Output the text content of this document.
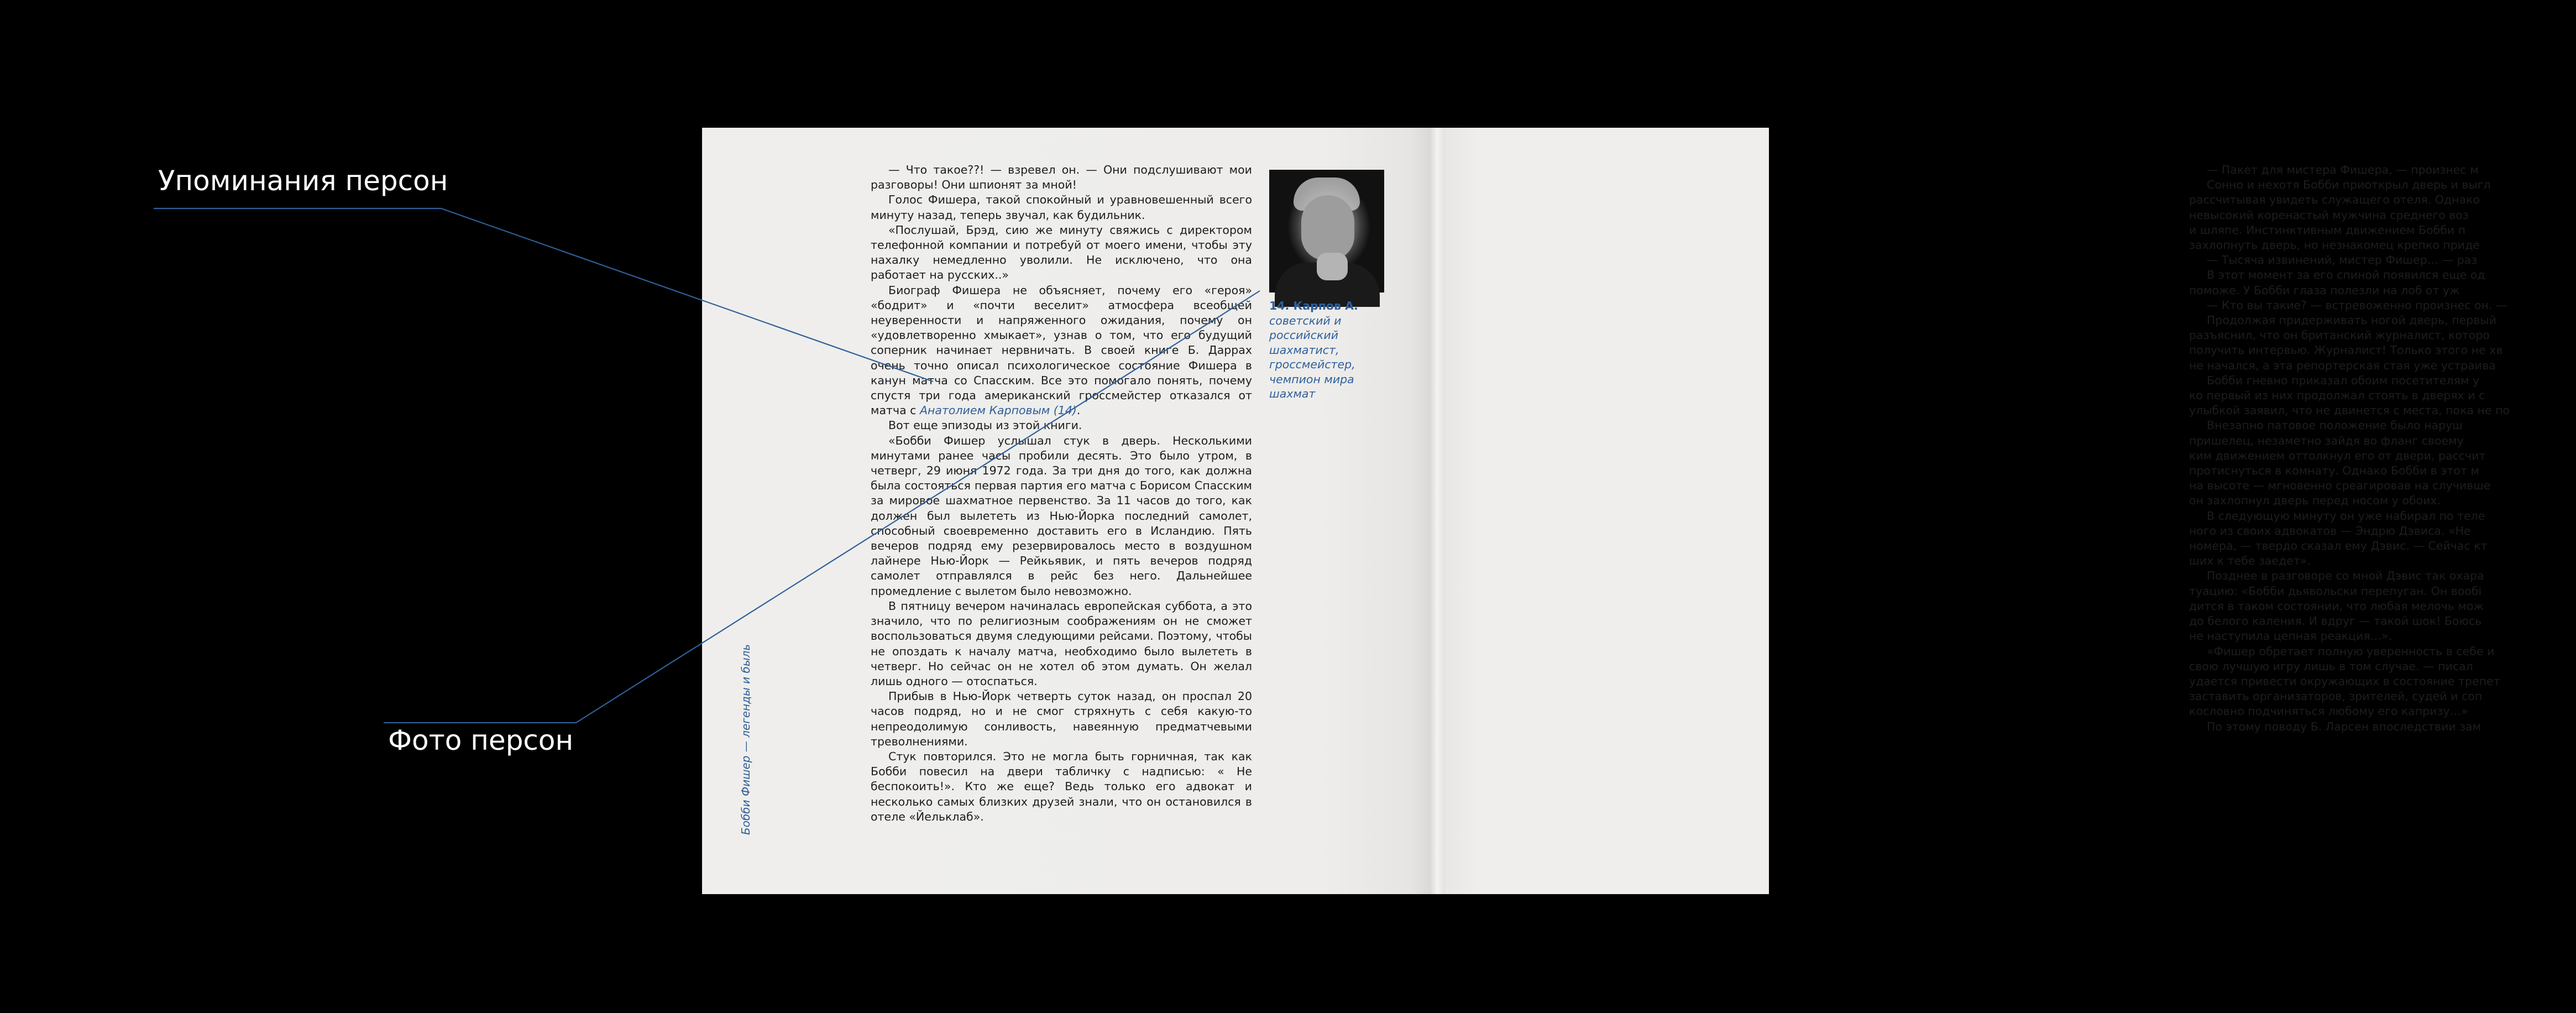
Упоминания персон
Фото персон

— Пакет для мистера Фишера, — произнес м

Сонно и нехотя Бобби приоткрыл дверь и выгл

рассчитывая увидеть служащего отеля. Однако
невысокий коренастый мужчина среднего воз
и шляпе. Инстинктивным движением Бобби п
захлопнуть дверь, но незнакомец крепко приде

— Тысяча извинений, мистер Фишер… — раз

В этот момент за его спиной появился еще од

поможе. У Бобби глаза полезли на лоб от уж

— Кто вы такие? — встревоженно произнес он. —

Продолжая придерживать ногой дверь, первый

разъяснил, что он британский журналист, которо
получить интервью. Журналист! Только этого не хв
не начался, а эта репортерская стая уже устраива

Бобби гневно приказал обоим посетителям у

ко первый из них продолжал стоять в дверях и с
улыбкой заявил, что не двинется с места, пока не по

Внезапно патовое положение было наруш

пришелец, незаметно зайдя во фланг своему
ким движением оттолкнул его от двери, рассчит
протиснуться в комнату. Однако Бобби в этот м
на высоте — мгновенно среагировав на случивше
он захлопнул дверь перед носом у обоих.

В следующую минуту он уже набирал по теле

ного из своих адвокатов — Эндрю Дэвиса. «Не
номера, — твердо сказал ему Дэвис. — Сейчас кт
ших к тебе заедет».

Позднее в разговоре со мной Дэвис так охара

туацию: «Бобби дьявольски перепуган. Он вообі
дится в таком состоянии, что любая мелочь мож
до белого каления. И вдруг — такой шок! Боюсь
не наступила цепная реакция…».

«Фишер обретает полную уверенность в себе и

свою лучшую игру лишь в том случае. — писал
удается привести окружающих в состояние трепет
заставить организаторов, зрителей, судей и соп
кословно подчиняться любому его капризу…»

По этому поводу Б. Ларсен впоследствии зам

Бобби Фишер — легенды и быль

— Что такое??! — взревел он. — Они подслушивают мои разговоры! Они шпионят за мной!

Голос Фишера, такой спокойный и уравновешенный всего минуту назад, теперь звучал, как будильник.

«Послушай, Брэд, сию же минуту свяжись с директором телефонной компании и потребуй от моего имени, чтобы эту нахалку немедленно уволили. Не исключено, что она работает на русских..»

Биограф Фишера не объясняет, почему его «героя» «бодрит» и «почти веселит» атмосфера всеобщей неуверенности и напряженного ожидания, почему он «удовлетворенно хмыкает», узнав о том, что его будущий соперник начинает нервничать. В своей книге Б. Даррах очень точно описал психологическое состояние Фишера в канун матча со Спасским. Все это помогало понять, почему спустя три года американский гроссмейстер отказался от матча с Анатолием Карповым (14).

Вот еще эпизоды из этой книги.

«Бобби Фишер услышал стук в дверь. Несколькими минутами ранее часы пробили десять. Это было утром, в четверг, 29 июня 1972 года. За три дня до того, как должна была состояться первая партия его матча с Борисом Спасским за мировое шахматное первенство. За 11 часов до того, как должен был вылететь из Нью-Йорка последний самолет, способный своевременно доставить его в Исландию. Пять вечеров подряд ему резервировалось место в воздушном лайнере Нью-Йорк — Рейкьявик, и пять вечеров подряд самолет отправлялся в рейс без него. Дальнейшее промедление с вылетом было невозможно.

В пятницу вечером начиналась европейская суббота, а это значило, что по религиозным соображениям он не сможет воспользоваться двумя следующими рейсами. Поэтому, чтобы не опоздать к началу матча, необходимо было вылететь в четверг. Но сейчас он не хотел об этом думать. Он желал лишь одного — отоспаться.

Прибыв в Нью-Йорк четверть суток назад, он проспал 20 часов подряд, но и не смог стряхнуть с себя какую-то непреодолимую сонливость, навеянную предматчевыми треволнениями.

Стук повторился. Это не могла быть горничная, так как Бобби повесил на двери табличку с надписью: « Не беспокоить!». Кто же еще? Ведь только его адвокат и несколько самых близких друзей знали, что он остановился в отеле «Йельклаб».

14. Карпов А.
советский и российский шахматист, гроссмейстер, чемпион мира шахмат
